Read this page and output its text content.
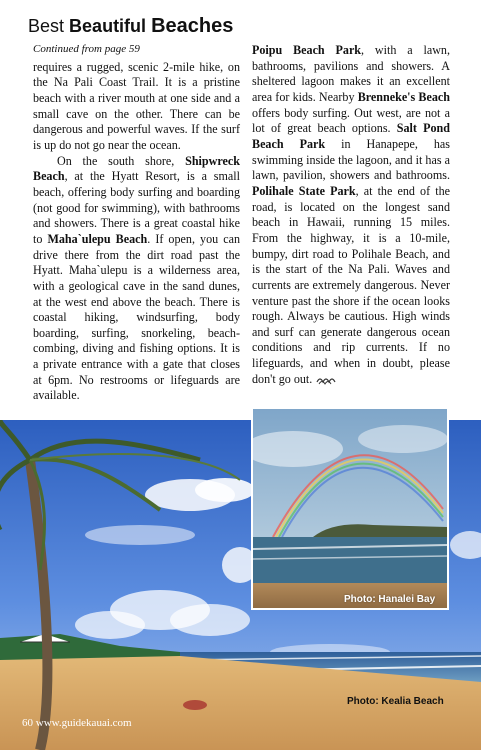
Best Beautiful Beaches
Continued from page 59

requires a rugged, scenic 2-mile hike, on the Na Pali Coast Trail. It is a pristine beach with a river mouth at one side and a small cave on the other. There can be dangerous and powerful waves. If the surf is up do not go near the ocean.

On the south shore, Shipwreck Beach, at the Hyatt Resort, is a small beach, offering body surfing and boarding (not good for swimming), with bathrooms and showers. There is a great coastal hike to Maha`ulepu Beach. If open, you can drive there from the dirt road past the Hyatt. Maha`ulepu is a wilderness area, with a geological cave in the sand dunes, at the west end above the beach. There is coastal hiking, windsurfing, body boarding, surfing, snorkeling, beach-combing, diving and fishing options. It is a private entrance with a gate that closes at 6pm. No restrooms or lifeguards are available.

Poipu Beach Park, with a lawn, bathrooms, pavilions and showers. A sheltered lagoon makes it an excellent area for kids. Nearby Brenneke's Beach offers body surfing. Out west, are not a lot of great beach options. Salt Pond Beach Park in Hanapepe, has swimming inside the lagoon, and it has a lawn, pavilion, showers and bathrooms. Polihale State Park, at the end of the road, is located on the longest sand beach in Hawaii, running 15 miles. From the highway, it is a 10-mile, bumpy, dirt road to Polihale Beach, and is the start of the Na Pali. Waves and currents are extremely dangerous. Never venture past the shore if the ocean looks rough. Always be cautious. High winds and surf can generate dangerous ocean conditions and rip currents. If no lifeguards, and when in doubt, please don't go out.

Photo: Hanalei Bay
Photo: Kealia Beach
60 www.guidekauai.com
